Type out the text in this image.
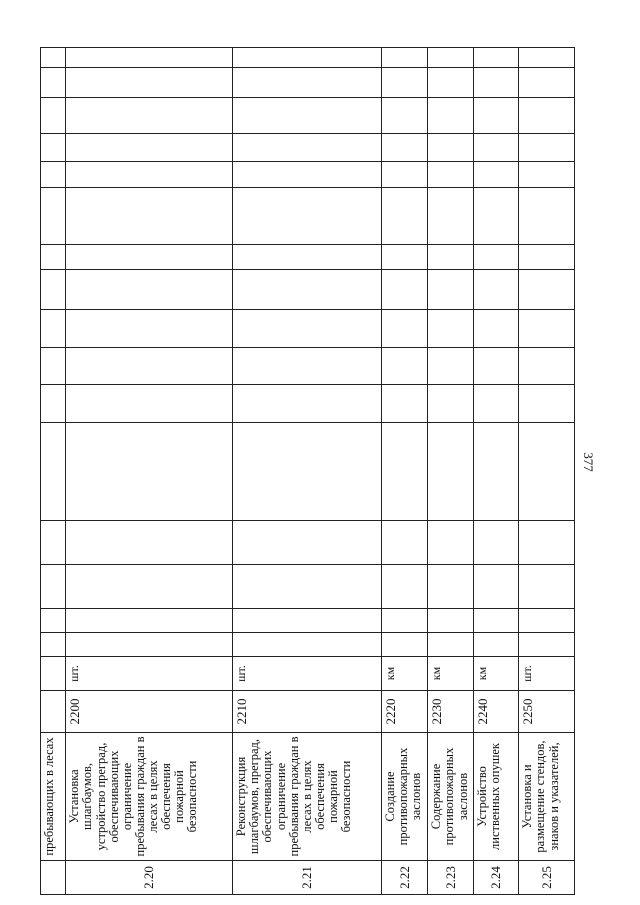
377
	пребывающих в лесах																		
2.20	Установка шлагбаумов, устройство преград, обеспечивающих ограничение пребывания граждан в лесах в целях обеспечения пожарной безопасности	2200	шт.																
2.21	Реконструкция шлагбаумов, преград, обеспечивающих ограничение пребывания граждан в лесах в целях обеспечения пожарной безопасности	2210	шт.																
2.22	Создание противопожарных заслонов	2220	км																
2.23	Содержание противопожарных заслонов	2230	км																
2.24	Устройство лиственных опушек	2240	км																
2.25	Установка и размещение стендов, знаков и указателей,	2250	шт.																
